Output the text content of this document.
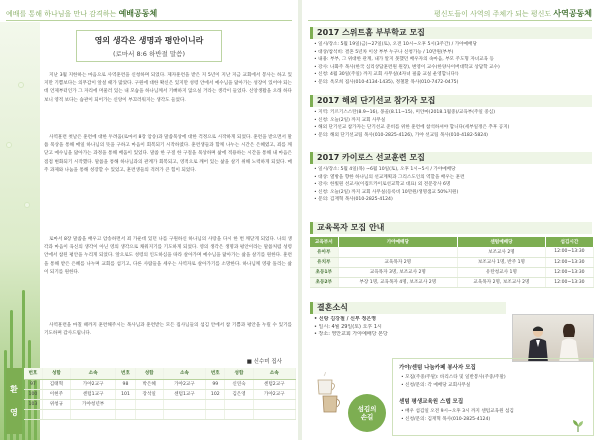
예배를 통해 하나님을 만나 감격하는 예배공동체
영의 생각은 생명과 평안이니라
(로마서 8:6 하반절 말씀)

지난 3월 지한하는 마음으로 사역훈련을 신청하며 되었다. 제자훈련을 받은 지 5년이 지난 지금 교회에서 봉사는 하고 있지만 기쁨보다는 의무감이 앞설 때가 많았다. 구원에 대한 확신은 있지만 성령 안에서 예수님을 닮아가는 성장이 있어야 되는데 언제부터인가 그 자리에 머물러 있는 내 모습을 하나님께서 기뻐하지 않으실 거라는 생각이 들었다. 신앙생활을 오래 하다 보니 영적 보다는 습관이 되어가는 신앙이 부끄러워지는 생각도 들었다.

사역훈련 첫날은 훈련에 대한 두려움(로마서 8장 암송)과 말씀묵상에 대한 걱정으로 시작하게 되었다. 훈련을 받으면서 말씀 묵상을 통해 매일 하나님의 뜻을 구하고 마음이 회복되기 시작하였다. 훈련생들과 함께 나누는 시간은 은혜였고, 죄를 깨닫고 예수님을 닮아가는 과정을 통해 배움이 있었다. 말씀 한 구절 한 구절을 묵상하며 삶에 적용하는 시간을 통해 내 마음은 점점 변화되기 시작했다. 말씀을 통해 하나님과의 관계가 회복되고, 영적으로 깨어 있는 삶을 살기 위해 노력하게 되었다. 매주 과제와 나눔을 통해 성장할 수 있었고, 훈련생들의 격려가 큰 힘이 되었다.

로마서 8장 말씀을 배우고 암송하면서 죄 가운데 있던 나를 구원하신 하나님의 사랑을 다시 한 번 깨닫게 되었다. 나의 생각과 마음이 육신의 생각이 아닌 영의 생각으로 채워지기를 기도하게 되었다. 영의 생각은 생명과 평안이라는 말씀처럼 성령 안에서 참된 평안을 누리게 되었다. 앞으로도 성령의 인도하심을 따라 살아가며 예수님을 닮아가는 삶을 살기를 원한다. 훈련을 통해 받은 은혜를 나누며 교회를 섬기고, 다른 사람들을 세우는 사역자로 살아가기를 소망한다. 하나님께 영광 돌리는 삶이 되기를 원한다.

사역훈련을 마칠 때까지 훈련해주시는 목사님과 훈련받는 모든 집사님들의 섬김 안에서 참 기쁨과 평안을 누릴 수 있기를 기도하며 감사드립니다.

■ 신수미 집사
환
영
번호	성함	소속	번호	성함	소속	번호	성함	소속
97	김태혁	가야2교구	98	박은혜	가야2교구	99	신연숙	센텀2교구
100	이현주	센텀1교구	101	장석일	센텀1교구	102	김은영	가야2교구
103	위청규	가야청년부						

평신도들이 사역의 주체가 되는 평신도 사역공동체
2017 스위트홈 부부학교 모집
• 일시/장소: 5월 19일(금)~27일(토), 오전 10시~오후 5시(3주간) / 가야예배당
• 대상/참석비: 결혼 5년차 이상 부부 누구나 신청가능 / 10만원(부부)
• 내용: 부부, 그 위대한 관계, 내가 알지 못했던 배우자의 속마음, 부모 주도형 자녀교육 등
• 강사: 나화주 목사(한국 심리상담훈련원 원장), 변영이 교수(한양사이버대학교 상담학 교수)
• 신청: 4월 30일(주일) 까지 교회 사무실(4자녀 필출 교실 운영합니다!)
• 문의: 옥모희 집사(010-4134-1435), 정철환 목사(010-7472-0475)
2017 해외 단기선교 참가자 모집
• 지역: 키르기스스탄(8.9~16), 몽골(8.11~15), 미얀마(2018.1월중)/교육부(주일 중심)
• 신청: 오늘(2일) 까지 교회 사무실
• 해외 단기선교 참가자는 단기선교 준비를 위한 훈련에 참석하셔야 합니다(세부일정은 추후 공지)
• 문의: 해외 단기선교팀 목사(010-2825-4126), 가야 선교팀 목사(010-4182-5824)
2017 카이로스 선교훈련 모집
• 일시/장소: 5월 4일(목) ~6월 10일(토), 오후 1시~5시 / 가야예배당
• 대상: 열방을 향한 하나님의 선교계획과 그리스도인의 역할을 배우는 훈련
• 강사: 한빛원 선교사(이집트카이로선교학교 대표) 외 전문강사 6명
• 신청: 오늘(2일) 까지 교회 사무실(등록비 10만원/생명샘교 50%지원)
• 문의: 김재혁 목사(010-2825-4124)
교육목자 모집 안내
교육부서	가야예배당	센텀예배당	섬김시간
유아부		보조교사 2명	12:00~13:30
유치부	교육목자 2명	보조교사 1명, 반주 1명	12:00~13:30
초등1부	교육목자 3명, 보조교사 2명	유탄청교사 1명	12:00~13:30
초등2부	부장 1명, 교육목자 4명, 보조교사 2명	교육목자 2명, 보조교사 2명	12:00~13:30
결혼소식
• 신랑 김강철 / 신부 정은영
• 일시: 4월 29일(토) 오후 1시
• 장소: 영안교회 가야예배당 본당
섬김의
손길
가야/센텀 나눔카페 봉사자 모집
• 모집(주중/주말): 바리스타 및 일반봉사(주중/주말)
• 신청/문의: 각 예배당 교회사무실
센텀 평생교육원 스텝 모집
• 배우 섬김일 오전 9시~오후 3시 까지 센텀교육원 섬김
• 신청/문의: 김재혁 목사(010-2825-4124)
